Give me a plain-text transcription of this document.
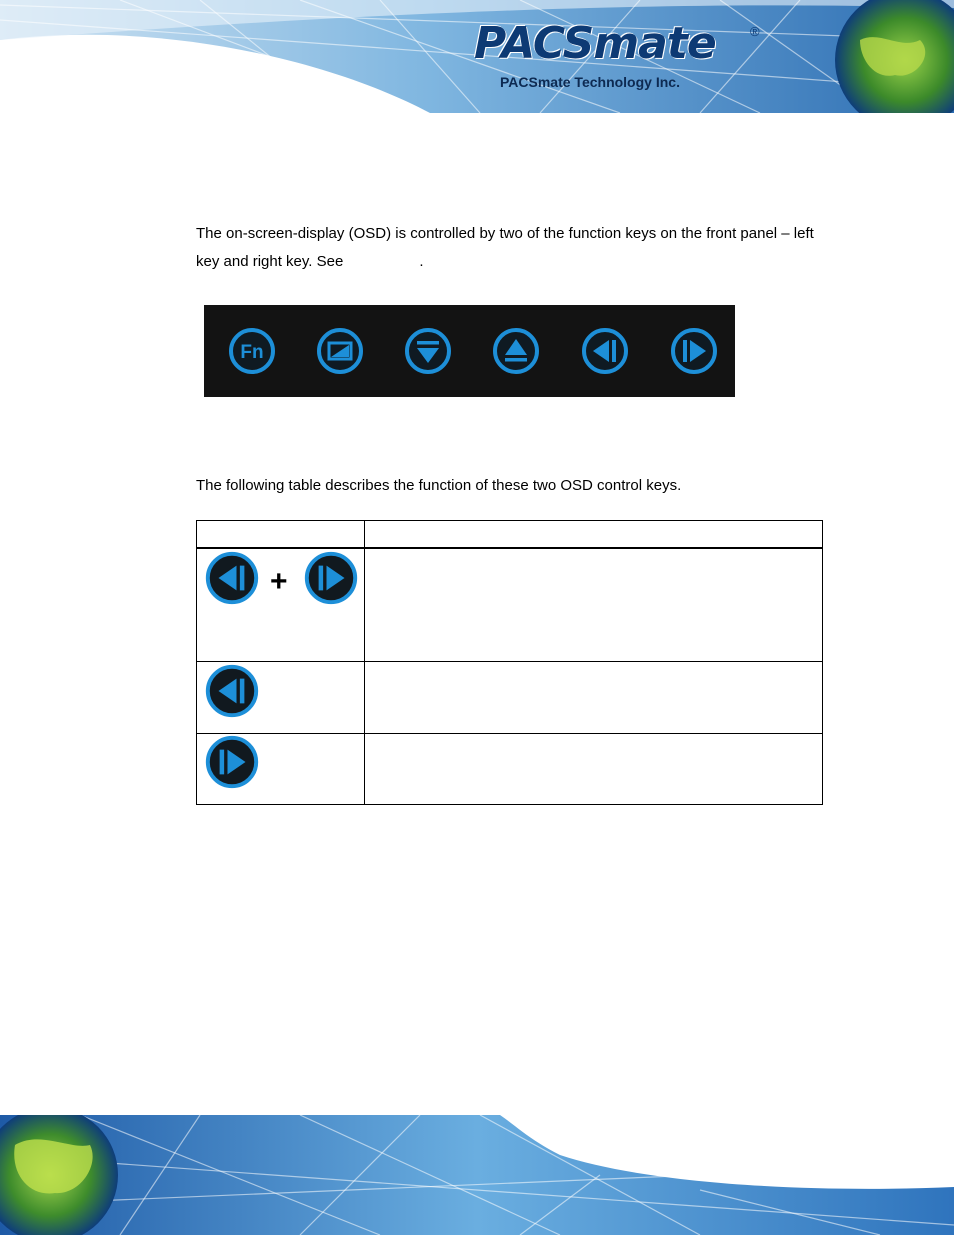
PACSmate	®
PACSmate Technology Inc.
The on-screen-display (OSD) is controlled by two of the function keys on the front panel – left key and right key. See	.
Fn
The following table describes the function of these two OSD control keys.

+	
